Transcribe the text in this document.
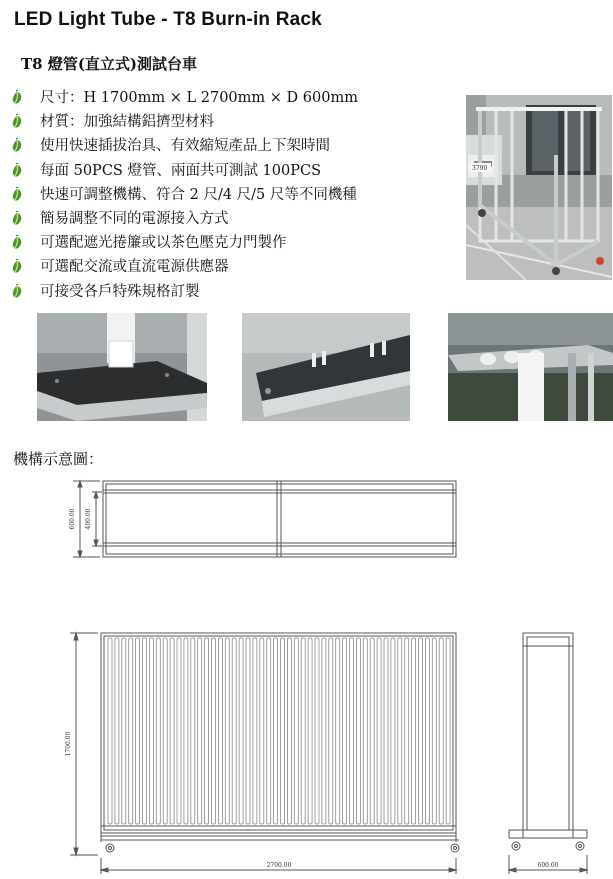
LED Light Tube - T8 Burn-in Rack
T8 燈管(直立式)測試台車
尺寸：H 1700mm × L 2700mm × D 600mm
材質：加強結構鋁擠型材料
使用快速插拔治具、有效縮短產品上下架時間
每面 50PCS 燈管、兩面共可測試 100PCS
快速可調整機構、符合 2 尺/4 尺/5 尺等不同機種
簡易調整不同的電源接入方式
可選配遮光捲簾或以茶色壓克力門製作
可選配交流或直流電源供應器
可接受各戶特殊規格訂製
3790
機構示意圖：
600.00 400.00
1700.00
2700.00	600.00
